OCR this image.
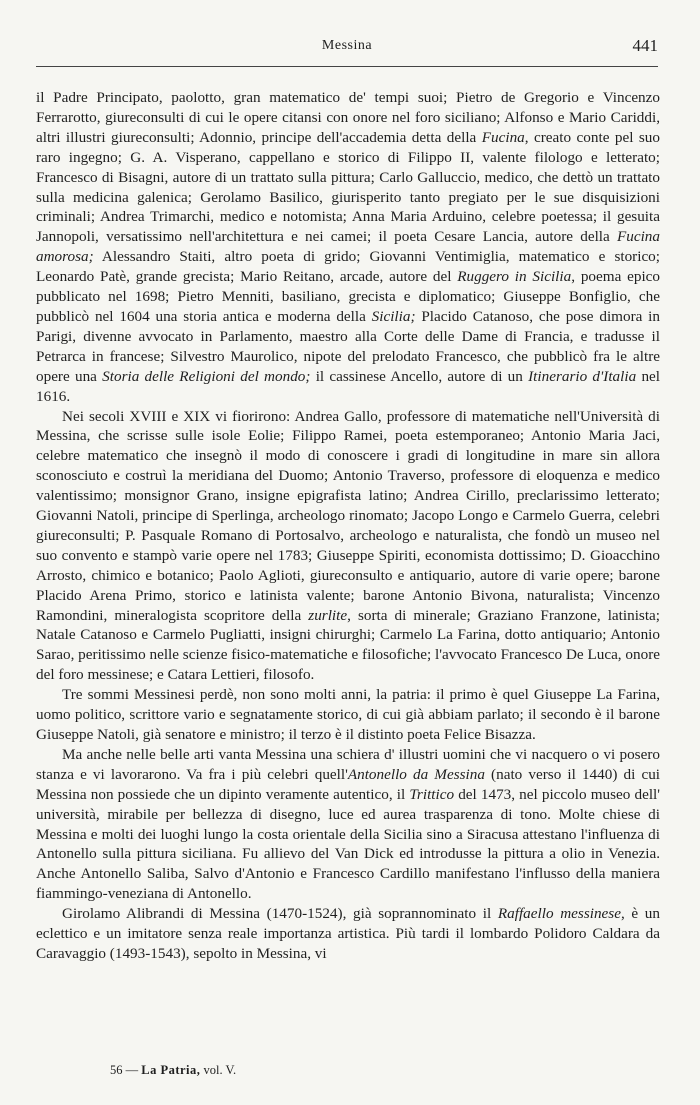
Messina	441

il Padre Principato, paolotto, gran matematico de' tempi suoi; Pietro de Gregorio e Vincenzo Ferrarotto, giureconsulti di cui le opere citansi con onore nel foro siciliano; Alfonso e Mario Cariddi, altri illustri giureconsulti; Adonnio, principe dell'accademia detta della Fucina, creato conte pel suo raro ingegno; G. A. Visperano, cappellano e storico di Filippo II, valente filologo e letterato; Francesco di Bisagni, autore di un trattato sulla pittura; Carlo Galluccio, medico, che dettò un trattato sulla medicina galenica; Gerolamo Basilico, giurisperito tanto pregiato per le sue disquisizioni criminali; Andrea Trimarchi, medico e notomista; Anna Maria Arduino, celebre poetessa; il gesuita Jannopoli, versatissimo nell'architettura e nei camei; il poeta Cesare Lancia, autore della Fucina amorosa; Alessandro Staiti, altro poeta di grido; Giovanni Ventimiglia, matematico e storico; Leonardo Patè, grande grecista; Mario Reitano, arcade, autore del Ruggero in Sicilia, poema epico pubblicato nel 1698; Pietro Menniti, basiliano, grecista e diplomatico; Giuseppe Bonfiglio, che pubblicò nel 1604 una storia antica e moderna della Sicilia; Placido Catanoso, che pose dimora in Parigi, divenne avvocato in Parlamento, maestro alla Corte delle Dame di Francia, e tradusse il Petrarca in francese; Silvestro Maurolico, nipote del prelodato Francesco, che pubblicò fra le altre opere una Storia delle Religioni del mondo; il cassinese Ancello, autore di un Itinerario d'Italia nel 1616.

Nei secoli XVIII e XIX vi fiorirono: Andrea Gallo, professore di matematiche nell'Università di Messina, che scrisse sulle isole Eolie; Filippo Ramei, poeta estemporaneo; Antonio Maria Jaci, celebre matematico che insegnò il modo di conoscere i gradi di longitudine in mare sin allora sconosciuto e costruì la meridiana del Duomo; Antonio Traverso, professore di eloquenza e medico valentissimo; monsignor Grano, insigne epigrafista latino; Andrea Cirillo, preclarissimo letterato; Giovanni Natoli, principe di Sperlinga, archeologo rinomato; Jacopo Longo e Carmelo Guerra, celebri giureconsulti; P. Pasquale Romano di Portosalvo, archeologo e naturalista, che fondò un museo nel suo convento e stampò varie opere nel 1783; Giuseppe Spiriti, economista dottissimo; D. Gioacchino Arrosto, chimico e botanico; Paolo Aglioti, giureconsulto e antiquario, autore di varie opere; barone Placido Arena Primo, storico e latinista valente; barone Antonio Bivona, naturalista; Vincenzo Ramondini, mineralogista scopritore della zurlite, sorta di minerale; Graziano Franzone, latinista; Natale Catanoso e Carmelo Pugliatti, insigni chirurghi; Carmelo La Farina, dotto antiquario; Antonio Sarao, peritissimo nelle scienze fisico-matematiche e filosofiche; l'avvocato Francesco De Luca, onore del foro messinese; e Catara Lettieri, filosofo.

Tre sommi Messinesi perdè, non sono molti anni, la patria: il primo è quel Giuseppe La Farina, uomo politico, scrittore vario e segnatamente storico, di cui già abbiam parlato; il secondo è il barone Giuseppe Natoli, già senatore e ministro; il terzo è il distinto poeta Felice Bisazza.

Ma anche nelle belle arti vanta Messina una schiera d' illustri uomini che vi nacquero o vi posero stanza e vi lavorarono. Va fra i più celebri quell'Antonello da Messina (nato verso il 1440) di cui Messina non possiede che un dipinto veramente autentico, il Trittico del 1473, nel piccolo museo dell' università, mirabile per bellezza di disegno, luce ed aurea trasparenza di tono. Molte chiese di Messina e molti dei luoghi lungo la costa orientale della Sicilia sino a Siracusa attestano l'influenza di Antonello sulla pittura siciliana. Fu allievo del Van Dick ed introdusse la pittura a olio in Venezia. Anche Antonello Saliba, Salvo d'Antonio e Francesco Cardillo manifestano l'influsso della maniera fiammingo-veneziana di Antonello.

Girolamo Alibrandi di Messina (1470-1524), già soprannominato il Raffaello messinese, è un eclettico e un imitatore senza reale importanza artistica. Più tardi il lombardo Polidoro Caldara da Caravaggio (1493-1543), sepolto in Messina, vi

56 — La Patria, vol. V.
